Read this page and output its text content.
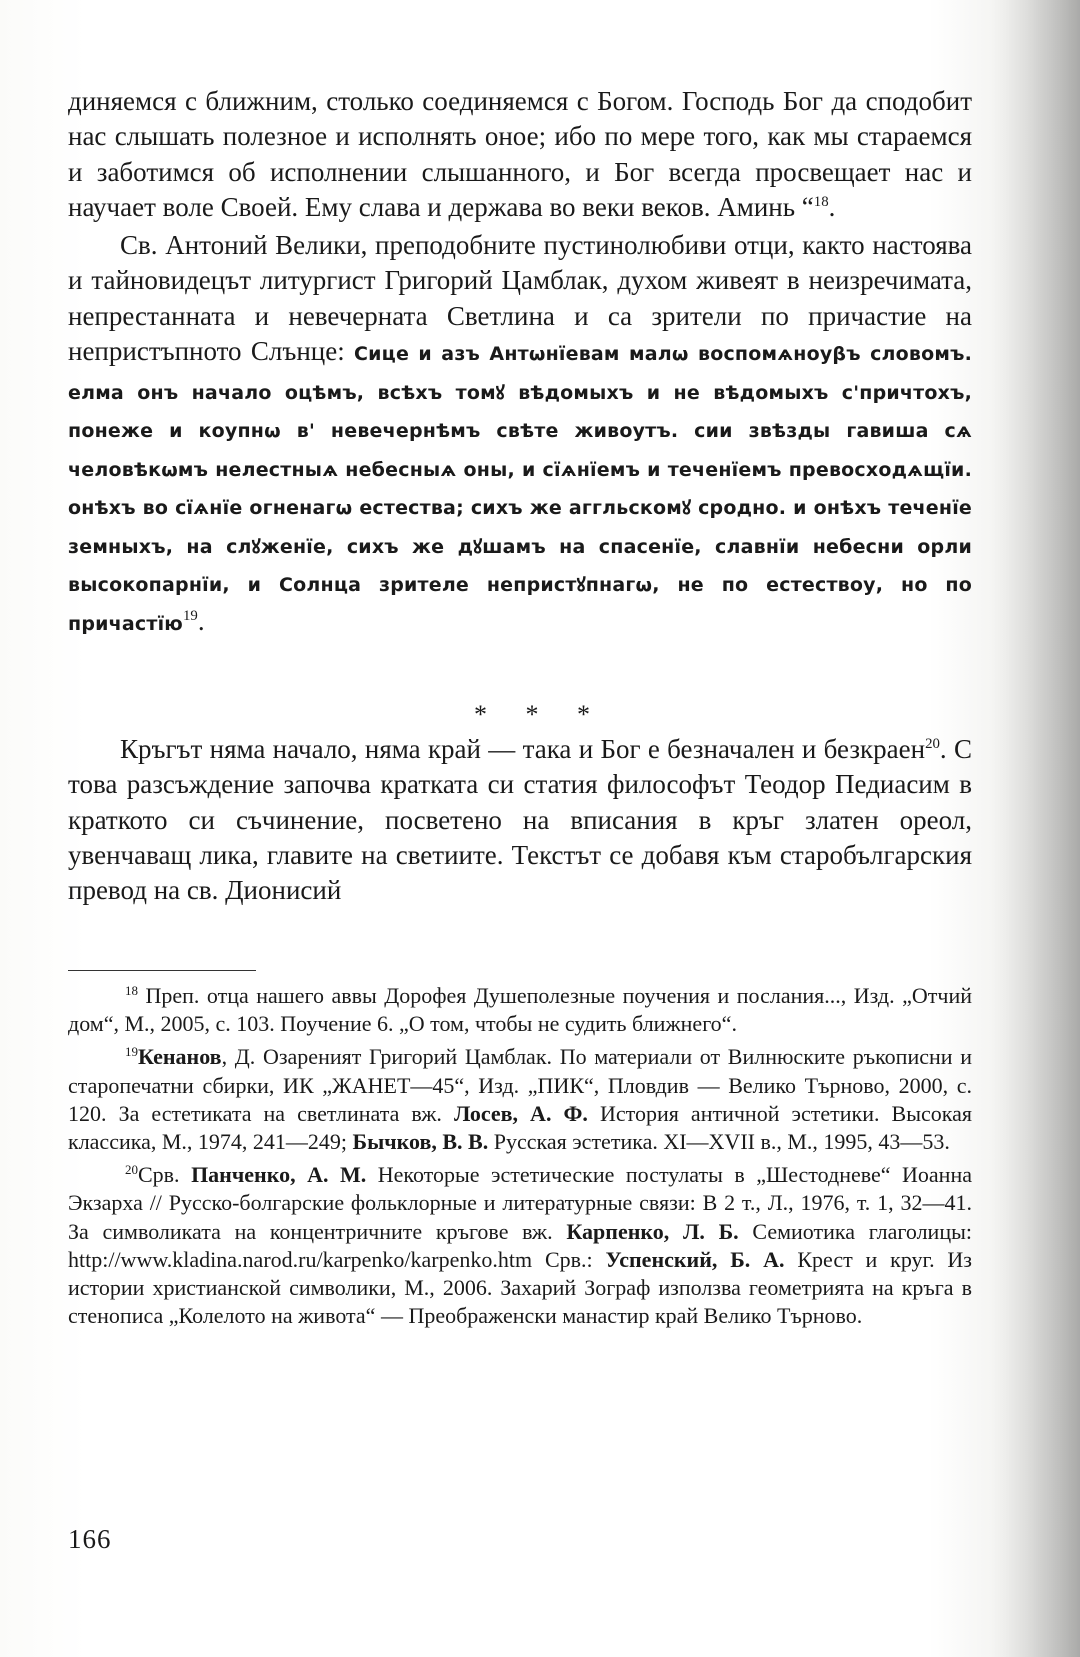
диняемся с ближним, столько соединяемся с Богом. Господь Бог да сподобит нас слышать полезное и исполнять оное; ибо по мере того, как мы стараемся и заботимся об исполнении слышанного, и Бог всегда просвещает нас и научает воле Своей. Ему слава и держава во веки веков. Аминь “$^{18}$.

Св. Антоний Велики, преподобните пустинолюбиви отци, както настоява и тайновидецът литургист Григорий Цамблак, духом живеят в неизречимата, непрестанната и невечерната Светлина и са зрители по причастие на непристъпното Слънце: Сице и азъ Антωнїевам малω воспомѧноуβъ словомъ. елма онъ начало оцѣмъ, всѣхъ томꙋ вѣдомыхъ и не вѣдомыхъ с'причтохъ, понеже и коупнω в' невечернѣмъ свѣте живоутъ. сии звѣзды гавиша сѧ человѣкωмъ нелестныѧ небесныѧ оны, и сїѧнїемъ и теченїемъ превосходѧщїи. онѣхъ во сїѧнїе огненагω естества; сихъ же аггльскомꙋ сродно. и онѣхъ теченїе земныхъ, на слꙋженїе, сихъ же дꙋшамъ на спасенїе, славнїи небесни орли высокопарнїи, и Солнца зрителе непристꙋпнагω, не по естествоу, но по причастїю$^{19}$.

* * *

Кръгът няма начало, няма край — така и Бог е безначален и безкраен$^{20}$. С това разсъждение започва кратката си статия философът Теодор Педиасим в краткото си съчинение, посветено на вписания в кръг златен ореол, увенчаващ лика, главите на светиите. Текстът се добавя към старобългарския превод на св. Дионисий

$^{18}$ Преп. отца нашего аввы Дорофея Душеполезные поучения и послания..., Изд. „Отчий дом“, М., 2005, с. 103. Поучение 6. „О том, чтобы не судить ближнего“.

$^{19}$Кенанов, Д. Озареният Григорий Цамблак. По материали от Вилнюските ръкописни и старопечатни сбирки, ИК „ЖАНЕТ—45“, Изд. „ПИК“, Пловдив — Велико Търново, 2000, с. 120. За естетиката на светлината вж. Лосев, А. Ф. История античной эстетики. Высокая классика, М., 1974, 241—249; Бычков, В. В. Русская эстетика. XI—XVII в., М., 1995, 43—53.

$^{20}$Срв. Панченко, А. М. Некоторые эстетические постулаты в „Шестодневе“ Иоанна Экзарха // Русско-болгарские фольклорные и литературные связи: В 2 т., Л., 1976, т. 1, 32—41. За символиката на концентричните кръгове вж. Карпенко, Л. Б. Семиотика глаголицы: http://www.kladina.narod.ru/karpenko/karpenko.htm Срв.: Успенский, Б. А. Крест и круг. Из истории христианской символики, М., 2006. Захарий Зограф използва геометрията на кръга в стенописа „Колелото на живота“ — Преображенски манастир край Велико Търново.

166
